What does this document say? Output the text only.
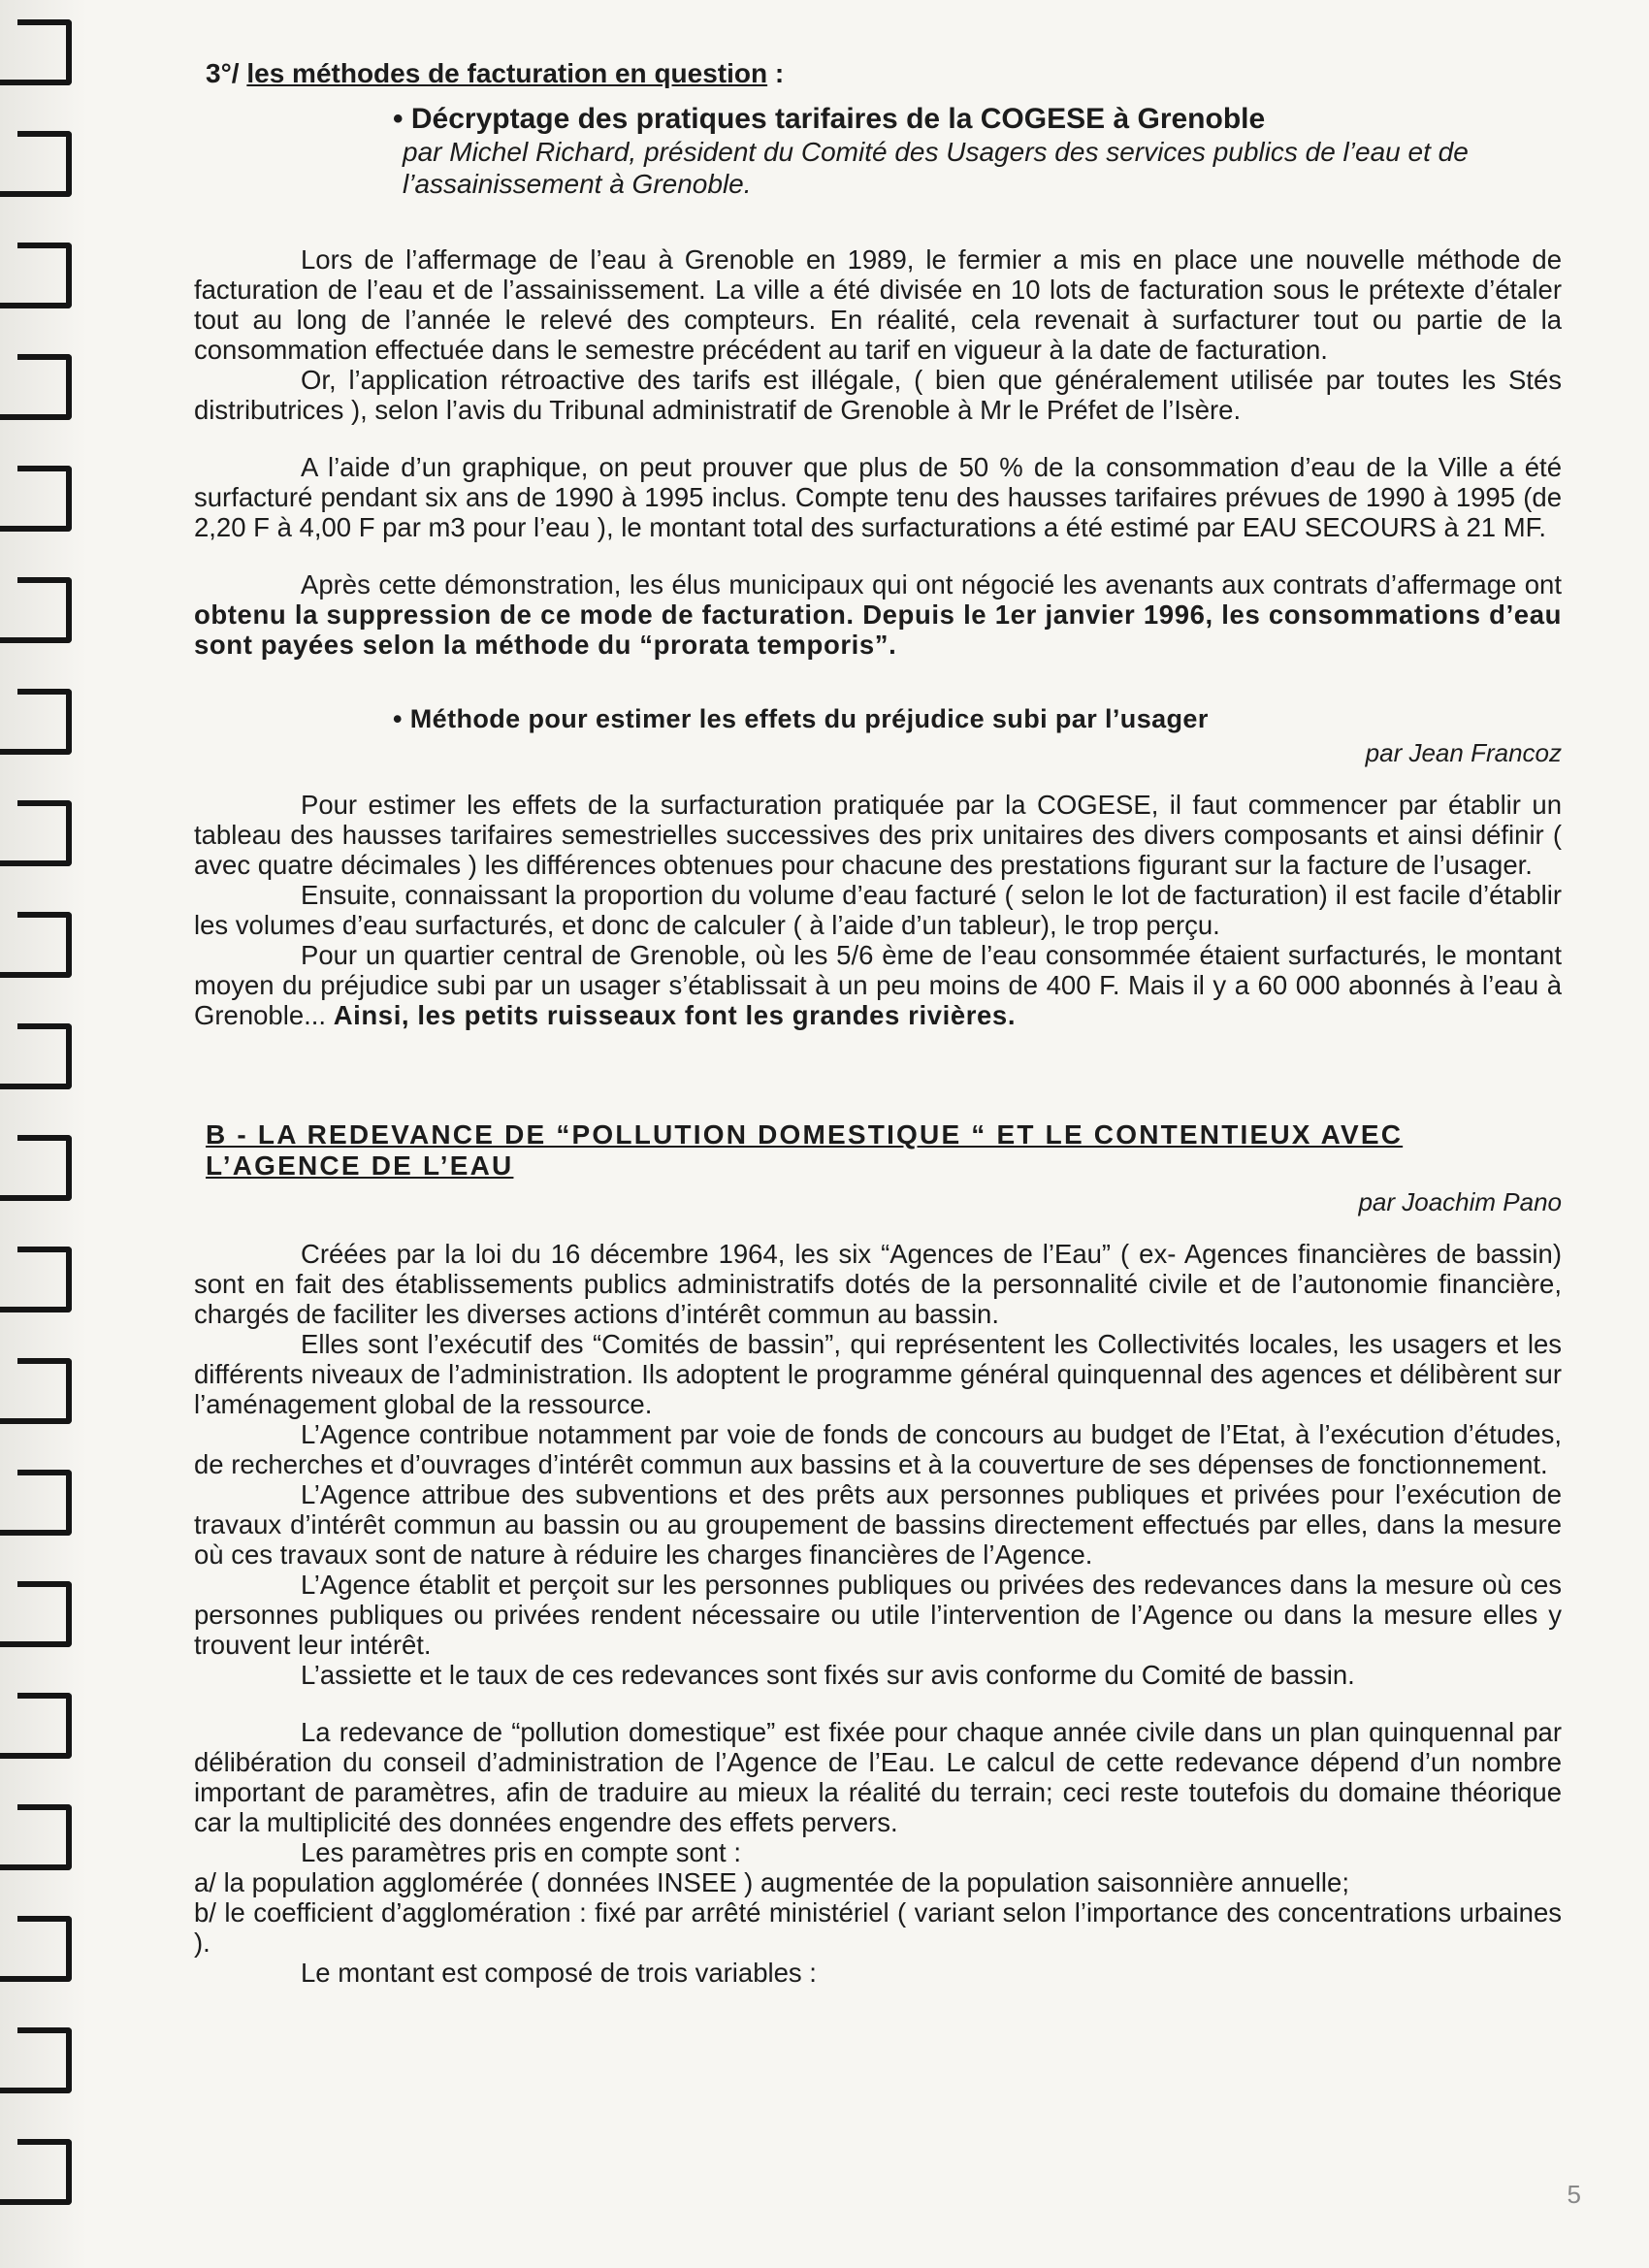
3°/ les méthodes de facturation en question :
• Décryptage des pratiques tarifaires de la COGESE à Grenoble
par Michel Richard, président du Comité des Usagers des services publics de l’eau et de l’assainissement à Grenoble.

Lors de l’affermage de l’eau à Grenoble en 1989, le fermier a mis en place une nouvelle méthode de facturation de l’eau et de l’assainissement. La ville a été divisée en 10 lots de facturation sous le prétexte d’étaler tout au long de l’année le relevé des compteurs. En réalité, cela revenait à surfacturer tout ou partie de la consommation effectuée dans le semestre précédent au tarif en vigueur à la date de facturation.

Or, l’application rétroactive des tarifs est illégale, ( bien que généralement utilisée par toutes les Stés distributrices ), selon l’avis du Tribunal administratif de Grenoble à Mr le Préfet de l’Isère.

A l’aide d’un graphique, on peut prouver que plus de 50 % de la consommation d’eau de la Ville a été surfacturé pendant six ans de 1990 à 1995 inclus. Compte tenu des hausses tarifaires prévues de 1990 à 1995 (de 2,20 F à 4,00 F par m3 pour l’eau ), le montant total des surfacturations a été estimé par EAU SECOURS à 21 MF.

Après cette démonstration, les élus municipaux qui ont négocié les avenants aux contrats d’affermage ont obtenu la suppression de ce mode de facturation. Depuis le 1er janvier 1996, les consommations d’eau sont payées selon la méthode du “prorata temporis”.

• Méthode pour estimer les effets du préjudice subi par l’usager
par Jean Francoz

Pour estimer les effets de la surfacturation pratiquée par la COGESE, il faut commencer par établir un tableau des hausses tarifaires semestrielles successives des prix unitaires des divers composants et ainsi définir ( avec quatre décimales ) les différences obtenues pour chacune des prestations figurant sur la facture de l’usager.

Ensuite, connaissant la proportion du volume d’eau facturé ( selon le lot de facturation) il est facile d’établir les volumes d’eau surfacturés, et donc de calculer ( à l’aide d’un tableur), le trop perçu.

Pour un quartier central de Grenoble, où les 5/6 ème de l’eau consommée étaient surfacturés, le montant moyen du préjudice subi par un usager s’établissait à un peu moins de 400 F. Mais il y a 60 000 abonnés à l’eau à Grenoble... Ainsi, les petits ruisseaux font les grandes rivières.

B - LA REDEVANCE DE “POLLUTION DOMESTIQUE “ ET LE CONTENTIEUX AVEC L’AGENCE DE L’EAU
par Joachim Pano

Créées par la loi du 16 décembre 1964, les six “Agences de l’Eau” ( ex- Agences financières de bassin) sont en fait des établissements publics administratifs dotés de la personnalité civile et de l’autonomie financière, chargés de faciliter les diverses actions d’intérêt commun au bassin.

Elles sont l’exécutif des “Comités de bassin”, qui représentent les Collectivités locales, les usagers et les différents niveaux de l’administration. Ils adoptent le programme général quinquennal des agences et délibèrent sur l’aménagement global de la ressource.

L’Agence contribue notamment par voie de fonds de concours au budget de l’Etat, à l’exécution d’études, de recherches et d’ouvrages d’intérêt commun aux bassins et à la couverture de ses dépenses de fonctionnement.

L’Agence attribue des subventions et des prêts aux personnes publiques et privées pour l’exécution de travaux d’intérêt commun au bassin ou au groupement de bassins directement effectués par elles, dans la mesure où ces travaux sont de nature à réduire les charges financières de l’Agence.

L’Agence établit et perçoit sur les personnes publiques ou privées des redevances dans la mesure où ces personnes publiques ou privées rendent nécessaire ou utile l’intervention de l’Agence ou dans la mesure elles y trouvent leur intérêt.

L’assiette et le taux de ces redevances sont fixés sur avis conforme du Comité de bassin.

La redevance de “pollution domestique” est fixée pour chaque année civile dans un plan quinquennal par délibération du conseil d’administration de l’Agence de l’Eau. Le calcul de cette redevance dépend d’un nombre important de paramètres, afin de traduire au mieux la réalité du terrain; ceci reste toutefois du domaine théorique car la multiplicité des données engendre des effets pervers.

Les paramètres pris en compte sont :

a/ la population agglomérée ( données INSEE ) augmentée de la population saisonnière annuelle;

b/ le coefficient d’agglomération : fixé par arrêté ministériel ( variant selon l’importance des concentrations urbaines ).

Le montant est composé de trois variables :

5
